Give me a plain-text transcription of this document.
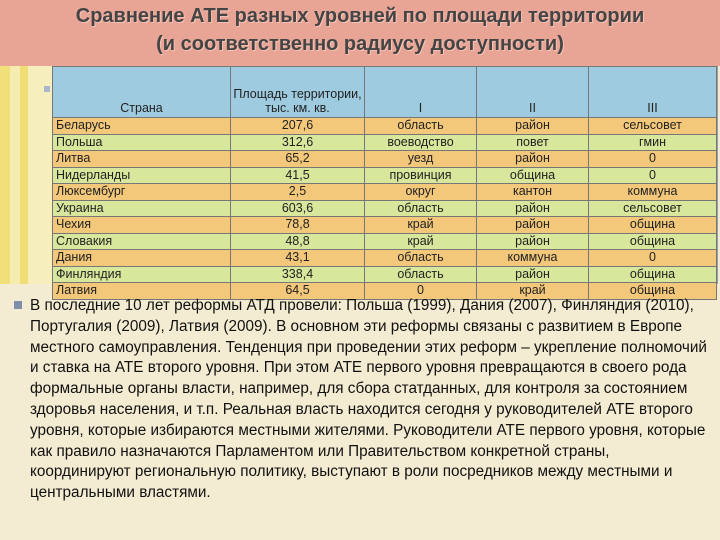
Сравнение АТЕ разных уровней по площади территории
(и соответственно радиусу доступности)
Страна	Площадь территории, тыс. км. кв.	I	II	III
Беларусь	207,6	область	район	сельсовет
Польша	312,6	воеводство	повет	гмин
Литва	65,2	уезд	район	0
Нидерланды	41,5	провинция	община	0
Люксембург	2,5	округ	кантон	коммуна
Украина	603,6	область	район	сельсовет
Чехия	78,8	край	район	община
Словакия	48,8	край	район	община
Дания	43,1	область	коммуна	0
Финляндия	338,4	область	район	община
Латвия	64,5	0	край	община
В последние 10 лет реформы АТД провели: Польша (1999), Дания (2007), Финляндия (2010), Португалия (2009), Латвия (2009). В основном эти реформы связаны с развитием в Европе местного самоуправления. Тенденция при проведении этих реформ – укрепление полномочий и ставка на АТЕ второго уровня. При этом АТЕ первого уровня превращаются в своего рода формальные органы власти, например, для сбора статданных, для контроля за состоянием здоровья населения, и т.п. Реальная власть находится сегодня у руководителей АТЕ второго уровня, которые избираются местными жителями. Руководители АТЕ первого уровня, которые как правило назначаются Парламентом или Правительством конкретной страны, координируют региональную политику, выступают в роли посредников между местными и центральными властями.
